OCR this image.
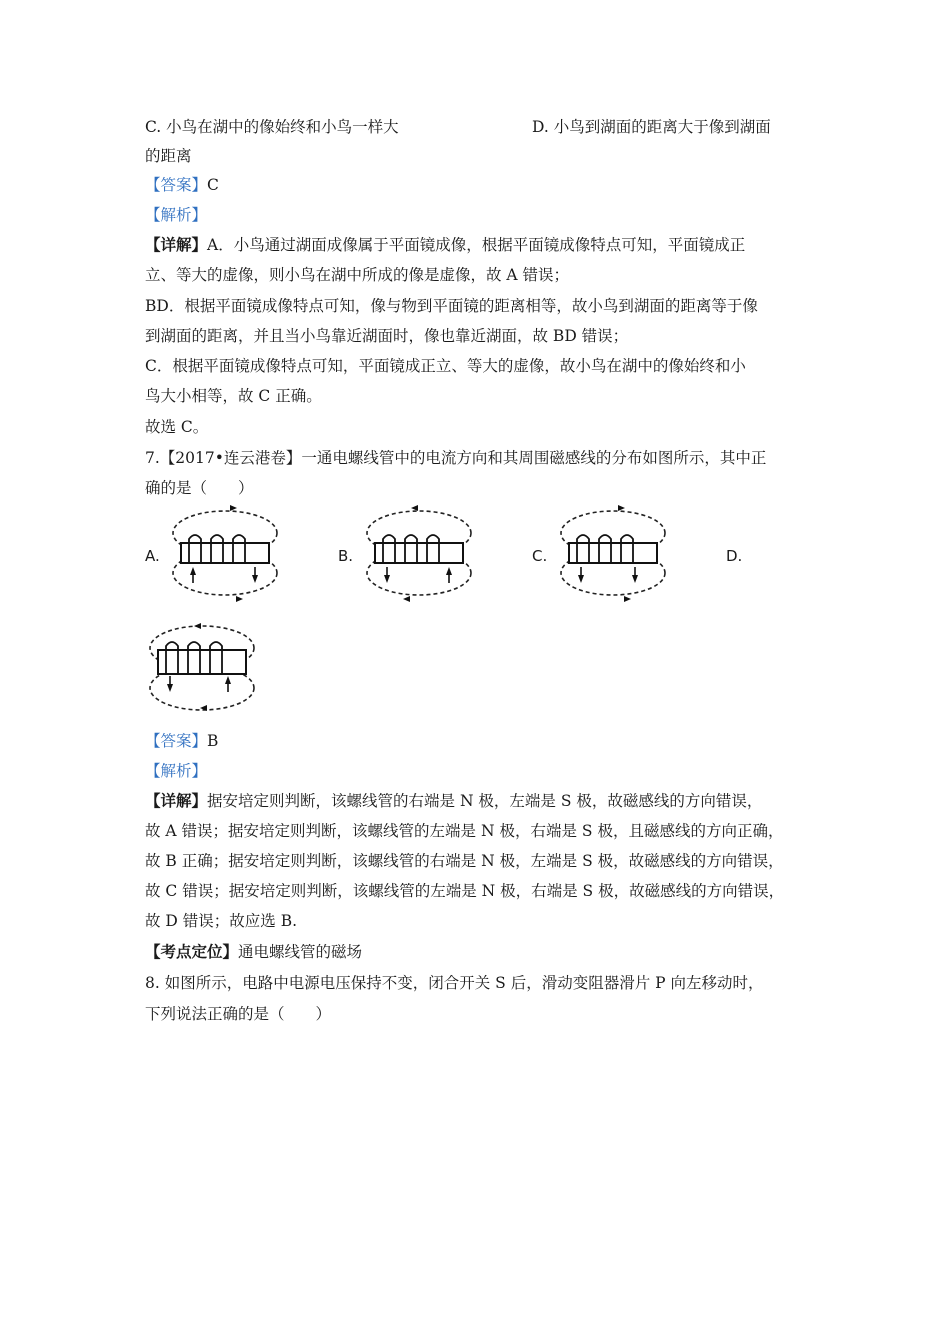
C. 小鸟在湖中的像始终和小鸟一样大	D. 小鸟到湖面的距离大于像到湖面
的距离
【答案】C
【解析】
【详解】A．小鸟通过湖面成像属于平面镜成像，根据平面镜成像特点可知，平面镜成正
立、等大的虚像，则小鸟在湖中所成的像是虚像，故 A 错误；
BD．根据平面镜成像特点可知，像与物到平面镜的距离相等，故小鸟到湖面的距离等于像
到湖面的距离，并且当小鸟靠近湖面时，像也靠近湖面，故 BD 错误；
C．根据平面镜成像特点可知，平面镜成正立、等大的虚像，故小鸟在湖中的像始终和小
鸟大小相等，故 C 正确。
故选 C。
7.【2017•连云港卷】一通电螺线管中的电流方向和其周围磁感线的分布如图所示，其中正
确的是（　　）
A.	B.	C.	D.
【答案】B
【解析】
【详解】据安培定则判断，该螺线管的右端是 N 极，左端是 S 极，故磁感线的方向错误，
故 A 错误；据安培定则判断，该螺线管的左端是 N 极，右端是 S 极，且磁感线的方向正确，
故 B 正确；据安培定则判断，该螺线管的右端是 N 极，左端是 S 极，故磁感线的方向错误，
故 C 错误；据安培定则判断，该螺线管的左端是 N 极，右端是 S 极，故磁感线的方向错误，
故 D 错误；故应选 B.
【考点定位】通电螺线管的磁场
8. 如图所示，电路中电源电压保持不变，闭合开关 S 后，滑动变阻器滑片 P 向左移动时，
下列说法正确的是（　　）
